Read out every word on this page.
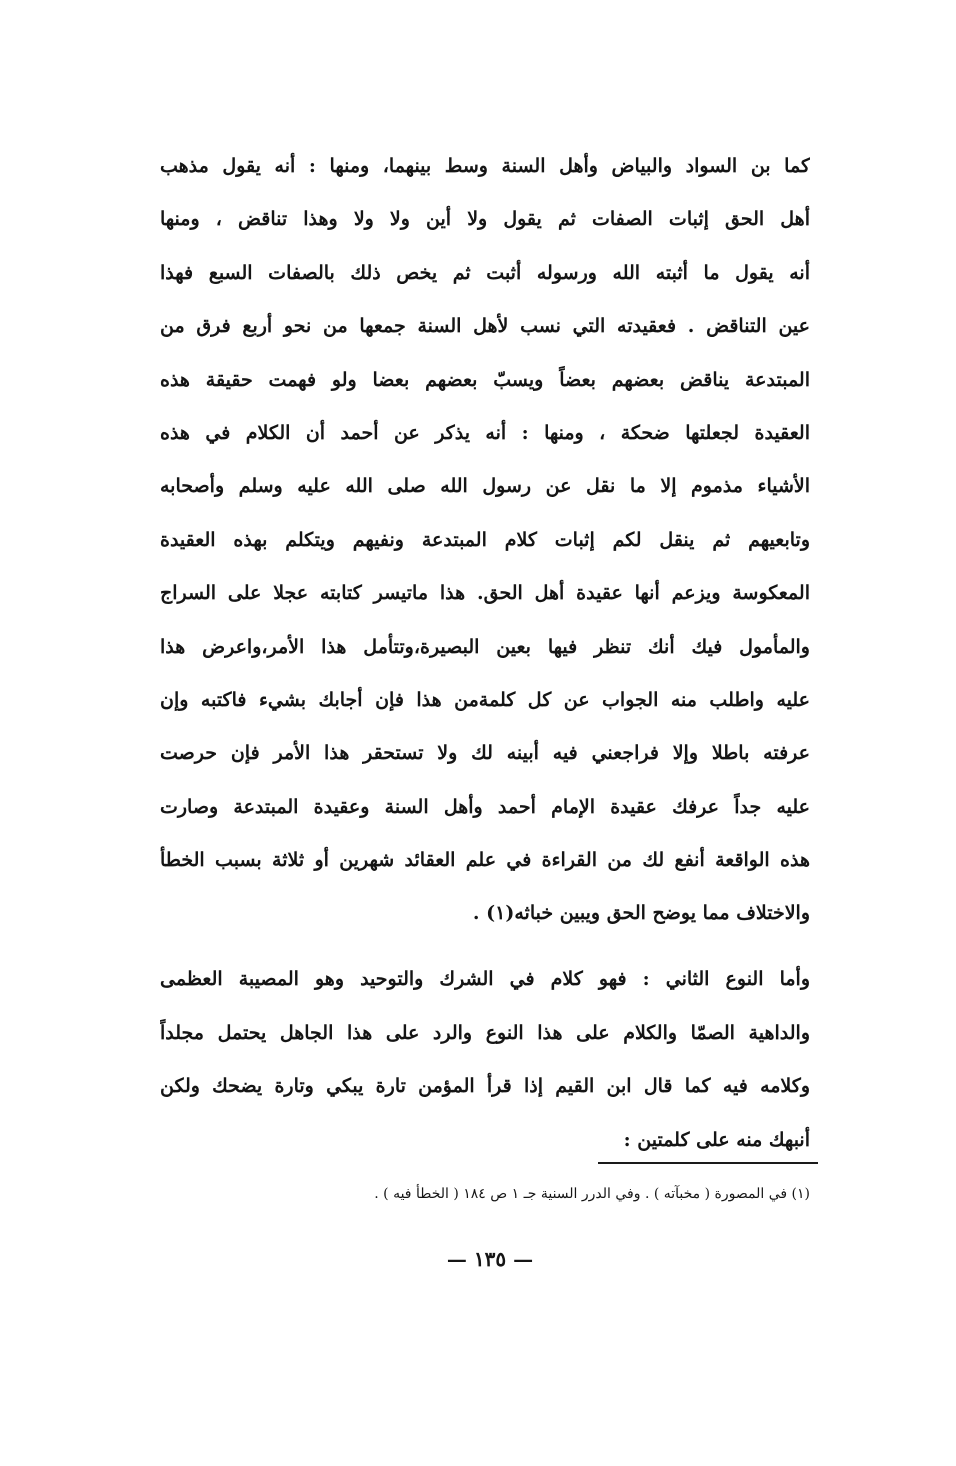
كما بن السواد والبياض وأهل السنة وسط بينهما، ومنها : أنه يقول مذهب
أهل الحق إثبات الصفات ثم يقول ولا أين ولا ولا وهذا تناقض ، ومنها
أنه يقول ما أثبته الله ورسوله أثبت ثم يخص ذلك بالصفات السبع فهذا
عين التناقض . فعقيدته التي نسب لأهل السنة جمعها من نحو أربع فرق من
المبتدعة يناقض بعضهم بعضاً ويسبّ بعضهم بعضا ولو فهمت حقيقة هذه
العقيدة لجعلتها ضحكة ، ومنها : أنه يذكر عن أحمد أن الكلام في هذه
الأشياء مذموم إلا ما نقل عن رسول الله صلى الله عليه وسلم وأصحابه
وتابعيهم ثم ينقل لكم إثبات كلام المبتدعة ونفيهم ويتكلم بهذه العقيدة
المعكوسة ويزعم أنها عقيدة أهل الحق. هذا ماتيسر كتابته عجلا على السراج
والمأمول فيك أنك تنظر فيها بعين البصيرة،وتتأمل هذا الأمر،واعرض هذا
عليه واطلب منه الجواب عن كل كلمةمن هذا فإن أجابك بشيء فاكتبه وإن
عرفته باطلا وإلا فراجعني فيه أبينه لك ولا تستحقر هذا الأمر فإن حرصت
عليه جداً عرفك عقيدة الإمام أحمد وأهل السنة وعقيدة المبتدعة وصارت
هذه الواقعة أنفع لك من القراءة في علم العقائد شهرين أو ثلاثة بسبب الخطأ
والاختلاف مما يوضح الحق ويبين خباثه(١) .
وأما النوع الثاني : فهو كلام في الشرك والتوحيد وهو المصيبة العظمى
والداهية الصمّا والكلام على هذا النوع والرد على هذا الجاهل يحتمل مجلداً
وكلامه فيه كما قال ابن القيم إذا قرأ المؤمن تارة يبكي وتارة يضحك ولكن
أنبهك منه على كلمتين :

(١) في المصورة ( مخبآته ) . وفي الدرر السنية جـ ١ ص ١٨٤ ( الخطأ فيه ) .

— ١٣٥ —
